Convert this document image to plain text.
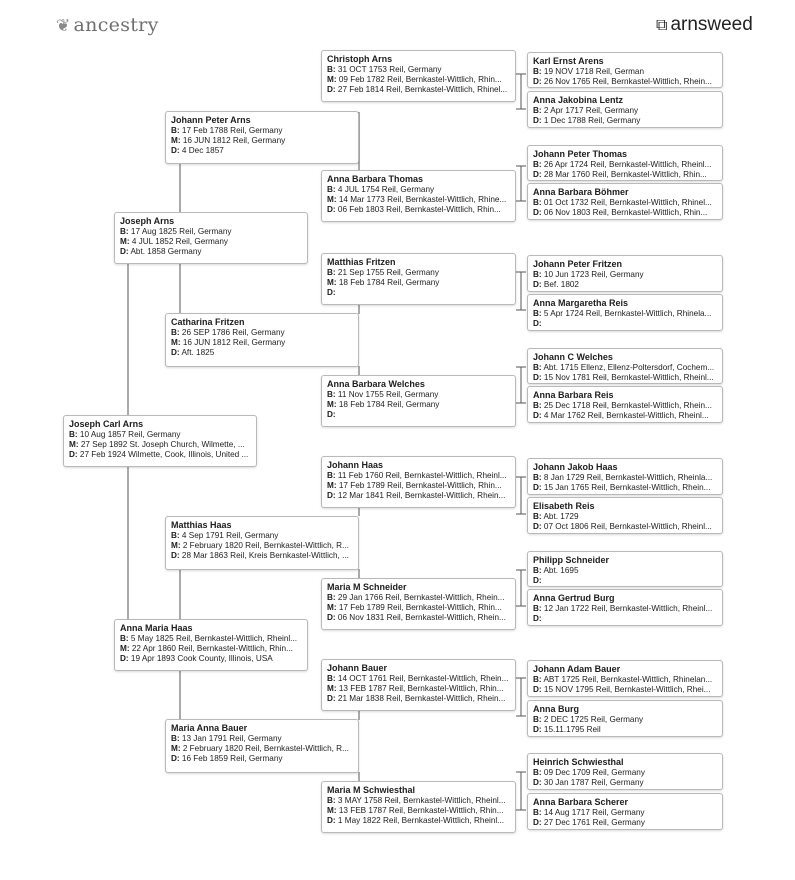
❦ ancestry	⧉ arnsweed
Joseph Carl Arns
B: 10 Aug 1857 Reil, Germany
M: 27 Sep 1892 St. Joseph Church, Wilmette, ...
D: 27 Feb 1924 Wilmette, Cook, Illinois, United ...
Joseph Arns
B: 17 Aug 1825 Reil, Germany
M: 4 JUL 1852 Reil, Germany
D: Abt. 1858 Germany
Anna Maria Haas
B: 5 May 1825 Reil, Bernkastel-Wittlich, Rheinl...
M: 22 Apr 1860 Reil, Bernkastel-Wittlich, Rhin...
D: 19 Apr 1893 Cook County, Illinois, USA
Johann Peter Arns
B: 17 Feb 1788 Reil, Germany
M: 16 JUN 1812 Reil, Germany
D: 4 Dec 1857
Catharina Fritzen
B: 26 SEP 1786 Reil, Germany
M: 16 JUN 1812 Reil, Germany
D: Aft. 1825
Matthias Haas
B: 4 Sep 1791 Reil, Germany
M: 2 February 1820 Reil, Bernkastel-Wittlich, R...
D: 28 Mar 1863 Reil, Kreis Bernkastel-Wittlich, ...
Maria Anna Bauer
B: 13 Jan 1791 Reil, Germany
M: 2 February 1820 Reil, Bernkastel-Wittlich, R...
D: 16 Feb 1859 Reil, Germany
Christoph Arns
B: 31 OCT 1753 Reil, Germany
M: 09 Feb 1782 Reil, Bernkastel-Wittlich, Rhin...
D: 27 Feb 1814 Reil, Bernkastel-Wittlich, Rhinel...
Anna Barbara Thomas
B: 4 JUL 1754 Reil, Germany
M: 14 Mar 1773 Reil, Bernkastel-Wittlich, Rhine...
D: 06 Feb 1803 Reil, Bernkastel-Wittlich, Rhin...
Matthias Fritzen
B: 21 Sep 1755 Reil, Germany
M: 18 Feb 1784 Reil, Germany
D:
Anna Barbara Welches
B: 11 Nov 1755 Reil, Germany
M: 18 Feb 1784 Reil, Germany
D:
Johann Haas
B: 11 Feb 1760 Reil, Bernkastel-Wittlich, Rheinl...
M: 17 Feb 1789 Reil, Bernkastel-Wittlich, Rhin...
D: 12 Mar 1841 Reil, Bernkastel-Wittlich, Rhein...
Maria M Schneider
B: 29 Jan 1766 Reil, Bernkastel-Wittlich, Rhein...
M: 17 Feb 1789 Reil, Bernkastel-Wittlich, Rhin...
D: 06 Nov 1831 Reil, Bernkastel-Wittlich, Rhein...
Johann Bauer
B: 14 OCT 1761 Reil, Bernkastel-Wittlich, Rhein...
M: 13 FEB 1787 Reil, Bernkastel-Wittlich, Rhin...
D: 21 Mar 1838 Reil, Bernkastel-Wittlich, Rhein...
Maria M Schwiesthal
B: 3 MAY 1758 Reil, Bernkastel-Wittlich, Rheinl...
M: 13 FEB 1787 Reil, Bernkastel-Wittlich, Rhin...
D: 1 May 1822 Reil, Bernkastel-Wittlich, Rheinl...
Karl Ernst Arens
B: 19 NOV 1718 Reil, German
D: 26 Nov 1765 Reil, Bernkastel-Wittlich, Rhein...
Anna Jakobina Lentz
B: 2 Apr 1717 Reil, Germany
D: 1 Dec 1788 Reil, Germany
Johann Peter Thomas
B: 26 Apr 1724 Reil, Bernkastel-Wittlich, Rheinl...
D: 28 Mar 1760 Reil, Bernkastel-Wittlich, Rhin...
Anna Barbara Böhmer
B: 01 Oct 1732 Reil, Bernkastel-Wittlich, Rhinel...
D: 06 Nov 1803 Reil, Bernkastel-Wittlich, Rhin...
Johann Peter Fritzen
B: 10 Jun 1723 Reil, Germany
D: Bef. 1802
Anna Margaretha Reis
B: 5 Apr 1724 Reil, Bernkastel-Wittlich, Rhinela...
D:
Johann C Welches
B: Abt. 1715 Ellenz, Ellenz-Poltersdorf, Cochem...
D: 15 Nov 1781 Reil, Bernkastel-Wittlich, Rheinl...
Anna Barbara Reis
B: 25 Dec 1718 Reil, Bernkastel-Wittlich, Rhein...
D: 4 Mar 1762 Reil, Bernkastel-Wittlich, Rheinl...
Johann Jakob Haas
B: 8 Jan 1729 Reil, Bernkastel-Wittlich, Rheinla...
D: 15 Jan 1765 Reil, Bernkastel-Wittlich, Rhein...
Elisabeth Reis
B: Abt. 1729
D: 07 Oct 1806 Reil, Bernkastel-Wittlich, Rheinl...
Philipp Schneider
B: Abt. 1695
D:
Anna Gertrud Burg
B: 12 Jan 1722 Reil, Bernkastel-Wittlich, Rheinl...
D:
Johann Adam Bauer
B: ABT 1725 Reil, Bernkastel-Wittlich, Rhinelan...
D: 15 NOV 1795 Reil, Bernkastel-Wittlich, Rhei...
Anna Burg
B: 2 DEC 1725 Reil, Germany
D: 15.11.1795 Reil
Heinrich Schwiesthal
B: 09 Dec 1709 Reil, Germany
D: 30 Jan 1787 Reil, Germany
Anna Barbara Scherer
B: 14 Aug 1717 Reil, Germany
D: 27 Dec 1761 Reil, Germany
